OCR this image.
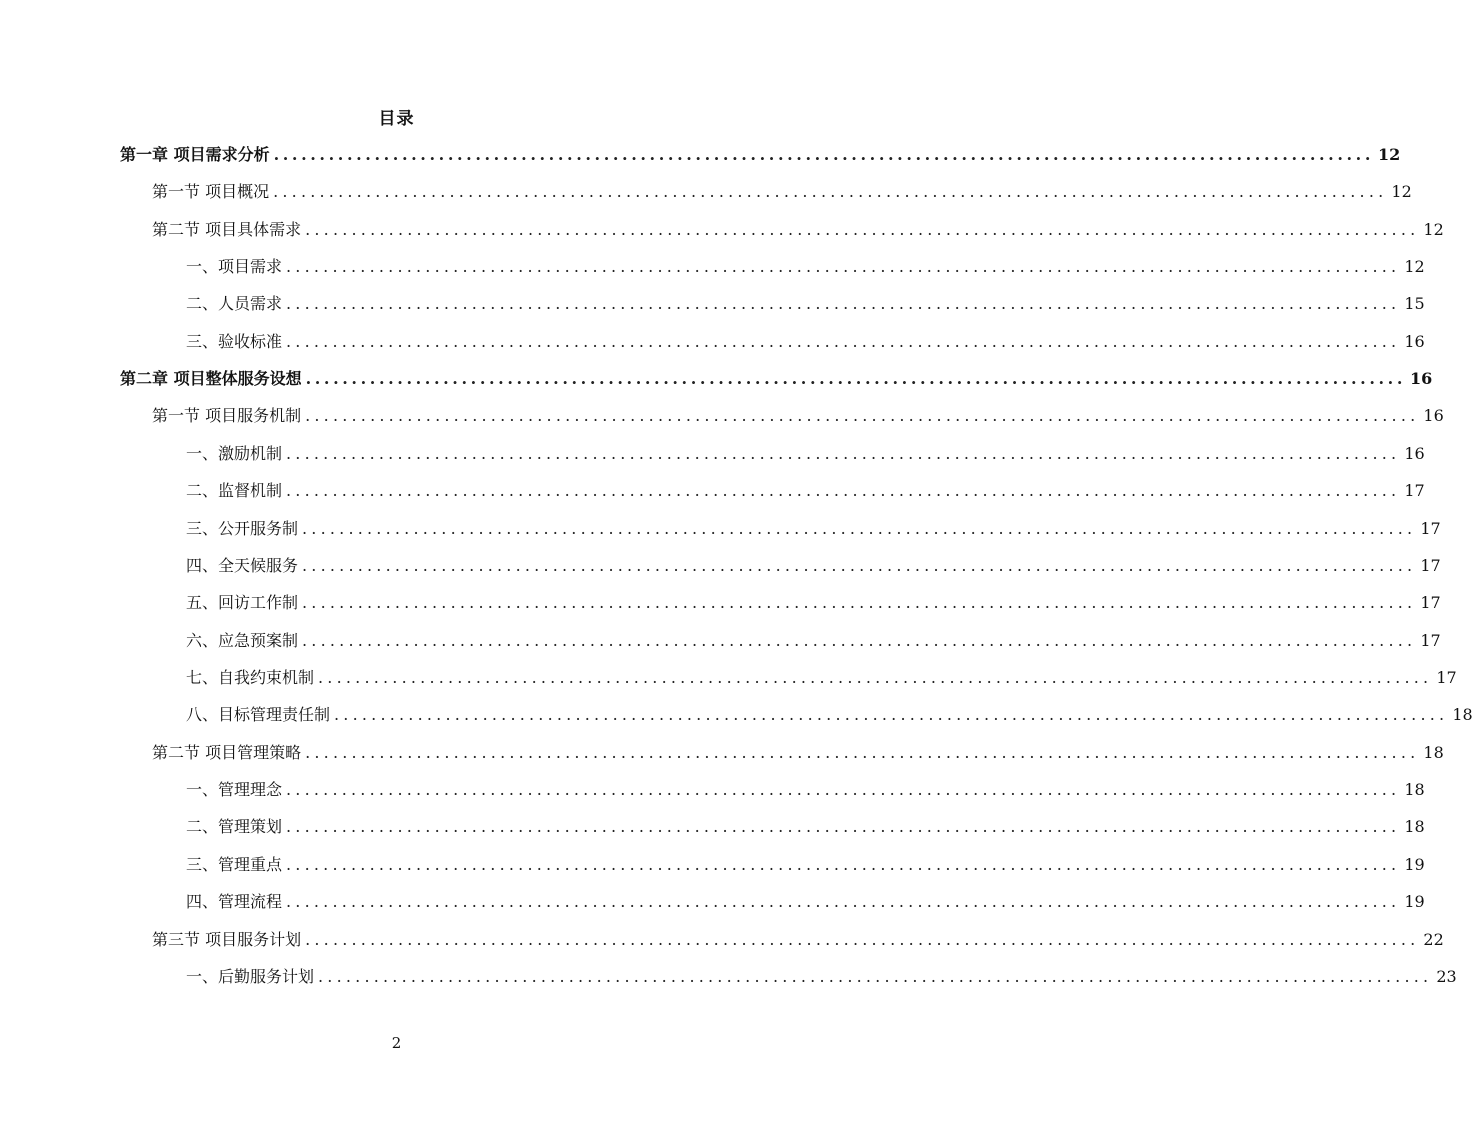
目录
第一章 项目需求分析 ........................................................................................................................ 12
第一节 项目概况 ........................................................................................................................ 12
第二节 项目具体需求 ........................................................................................................................ 12
一、项目需求 ........................................................................................................................ 12
二、人员需求 ........................................................................................................................ 15
三、验收标准 ........................................................................................................................ 16
第二章 项目整体服务设想 ........................................................................................................................ 16
第一节 项目服务机制 ........................................................................................................................ 16
一、激励机制 ........................................................................................................................ 16
二、监督机制 ........................................................................................................................ 17
三、公开服务制 ........................................................................................................................ 17
四、全天候服务 ........................................................................................................................ 17
五、回访工作制 ........................................................................................................................ 17
六、应急预案制 ........................................................................................................................ 17
七、自我约束机制 ........................................................................................................................ 17
八、目标管理责任制 ........................................................................................................................ 18
第二节 项目管理策略 ........................................................................................................................ 18
一、管理理念 ........................................................................................................................ 18
二、管理策划 ........................................................................................................................ 18
三、管理重点 ........................................................................................................................ 19
四、管理流程 ........................................................................................................................ 19
第三节 项目服务计划 ........................................................................................................................ 22
一、后勤服务计划 ........................................................................................................................ 23
2
